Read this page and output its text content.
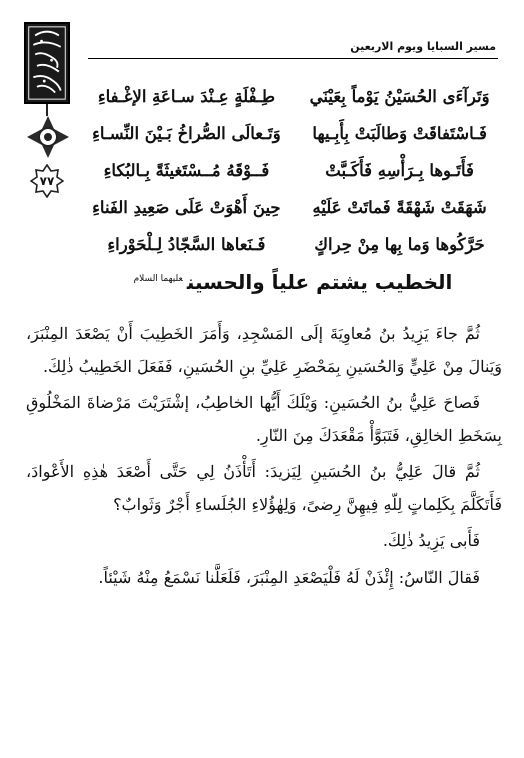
٧٧
مسير السبايا ويوم الاربعين
وَتَرآءَى الحُسَيْنُ يَوْماً بِعَيْنَي
طِـفْلَةٍ عِـنْدَ سـاعَةِ الإغْـفاءِ
فَـاسْتَفاقَتْ وَطالَبَتْ بِأَبِـيها
وَتَـعالَى الصُّراخُ بَـيْنَ النِّسـاءِ
فَأَتَـوها بِـرَأْسِهِ فَأَكَـبَّتْ
فَــوْقَهُ مُــسْتَغيثَةً بِـالبُكاءِ
شَهَقَتْ شَهْقَةً فَماتَتْ عَلَيْهِ
حِينَ أَهْوَتْ عَلَى صَعِيدِ الفَناءِ
حَرَّكُوها وَما بِها مِنْ حِراكٍ
فَـنَعاها السَّجّادُ لِـلْحَوْراءِ
الخطيب يشتم علياً والحسين$^{عليهما السلام}$

ثُمَّ جاءَ يَزِيدُ بنُ مُعاوِيَةَ إلَى المَسْجِدِ، وَأَمَرَ الخَطِيبَ أَنْ يَصْعَدَ المِنْبَرَ، وَيَنالَ مِنْ عَلِيٍّ وَالحُسَينِ بِمَحْضَرِ عَلِيِّ بنِ الحُسَينِ، فَفَعَلَ الخَطِيبُ ذٰلِكَ.

فَصاحَ عَلِيُّ بنُ الحُسَينِ: وَيْلَكَ أَيُّها الخاطِبُ، إشْتَرَيْتَ مَرْضاةَ المَخْلُوقِ بِسَخَطِ الخالِقِ، فَتَبَوَّأْ مَقْعَدَكَ مِنَ النّارِ.

ثُمَّ قالَ عَلِيُّ بنُ الحُسَينِ لِيَزيدَ: أَتَأْذَنُ لِي حَتَّى أَصْعَدَ هٰذِهِ الأَعْوادَ، فَأَتَكَلَّمَ بِكَلِماتٍ لِلّهِ فِيهِنَّ رِضىً، وَلِهٰؤُلاءِ الجُلَساءِ أَجْرٌ وَثَوابٌ؟

فَأَبى يَزِيدُ ذٰلِكَ.

فَقالَ النّاسُ: إِئْذَنْ لَهُ فَلْيَصْعَدِ المِنْبَرَ، فَلَعَلَّنا نَسْمَعُ مِنْهُ شَيْئاً.
